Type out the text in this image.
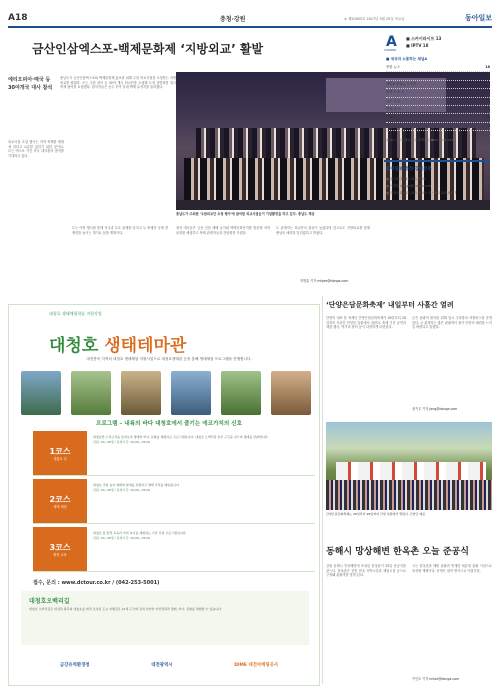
A18	충청·강원	② 제20005호 2017년 5월 25일 목요일	동아일보
금산인삼엑스포-백제문화제 ‘지방외교’ 활발
에티오피아·태국 등 30여개국 대사 참석
충남도가 금산인삼엑스포와 백제문화제 홍보를 위해 주한 외교사절을 초청하는 지방외교를 펼쳤다. 도는 주한 대사 등 30여 개국 외교단을 초청해 도정 설명회를 열고 축제 참여를 요청했다. 참석자들은 공주 부여 일대 백제 유적지를 둘러봤다.
외교사절 초청 행사는 지역 축제를 세계에 알리고 교류를 넓히기 위한 것이다. 도는 엑스포 기간 각국 대사관의 참여를 기대하고 있다.
충남도가 주최한 '주한외교단 초청 행사'에 참석한 외교사절들이 기념촬영을 하고 있다. 충남도 제공
도는 이번 행사를 통해 각국과 우호 관계를 다지고 두 축제의 국제 경쟁력을 높이는 계기로 삼을 계획이다.
참석 대사들은 금산 인삼 재배 농가와 백제문화단지를 방문해 지역 문화를 체험하고 축제 관계자들과 간담회를 가졌다.
도 관계자는 외교단의 관심이 높았다며 앞으로도 지방외교를 통해 충남의 매력을 알리겠다고 밝혔다.
지명훈 기자 mhjee@donga.com
A
CHANNEL
■ 스카이라이프 13
■ IPTV 18
■ 세상과 소통하는 채널A
종합 뉴스	18
시사 전망대	17
채널A 종합뉴스 신문	16
돌직구 쇼 +	14
뉴스 특급	13
연예 잡 쇼	11
이만갑	10
서민갑부	9
채널A 시청자 게시판 및 고객센터 ☎02-2020-3114
동아일보 충청·강원본부
■ 광고문의 042-253-3001
■ 이메일 donga@donga.com
■ 대표전화 042-253-3001~3 / 042-253-8477
‘단양은담문화축제’ 내일부터 사흘간 열려
단양의 대표 봄 축제인 단양은담문화축제가 26일부터 28일까지 사흘간 단양읍 일원에서 열린다. 축제 기간 공연과 체험 행사, 먹거리 장터 등이 다양하게 마련된다.
군은 관광객 편의를 위해 임시 주차장과 셔틀버스를 운영한다. 군 관계자는 많은 관광객이 찾아 단양의 매력을 느끼길 바란다고 말했다.
장기우 기자 jang@donga.com
단양은담문화축제는 26일부터 28일까지 단양 일원에서 열린다. 단양군 제공
동해시 망상해변 한옥촌 오늘 준공식
강원 동해시 망상해변에 조성된 한옥촌이 25일 준공식을 갖는다. 한옥촌은 전통 한옥 숙박시설과 체험시설 등으로 구성돼 관광객을 맞게 된다.
시는 한옥촌을 해변 관광과 연계한 체류형 관광 거점으로 육성할 계획이다. 운영은 위탁 방식으로 이뤄진다.
이인모 기자 imlee@donga.com
대청호 생태체험학습 지원사업
대청호 생태테마관
대전충북 지역의 대청호 생태체험 지원사업으로 대청호생태관 등을 통해 생태체험 프로그램을 진행합니다.
프로그램 – 내륙의 바다 대청호에서 즐기는 에코가치의 신호
1코스
대청호 길
대청호반 구석구석을 둘러보며 생태와 역사, 문화를 체험하는 프로그램입니다. 대청호 오백리길 일부 구간을 걸으며 생태를 관찰합니다.
인원: 20~30명 / 운영시간: 10:00~15:00
2코스
생태 체험
대청호 주변 습지 생태와 철새를 관찰하고 생태 가치를 배워봅니다.
인원: 20~30명 / 운영시간: 10:00~15:00
3코스
환경 교육
대청호 물 환경 교육과 자연 놀이를 체험하는 가족 단위 프로그램입니다.
인원: 20~30명 / 운영시간: 10:00~15:00
접수, 문의 : www.dctour.co.kr / (042-253-5001)
대청호오백리길
대청호 오백리길은 대전과 충북의 대청호를 따라 조성된 도보 여행길로 21개 구간에 걸쳐 다양한 자연경관과 생태, 역사, 문화를 체험할 수 있습니다.
금강유역환경청	대전광역시	DIME 대전마케팅공사
